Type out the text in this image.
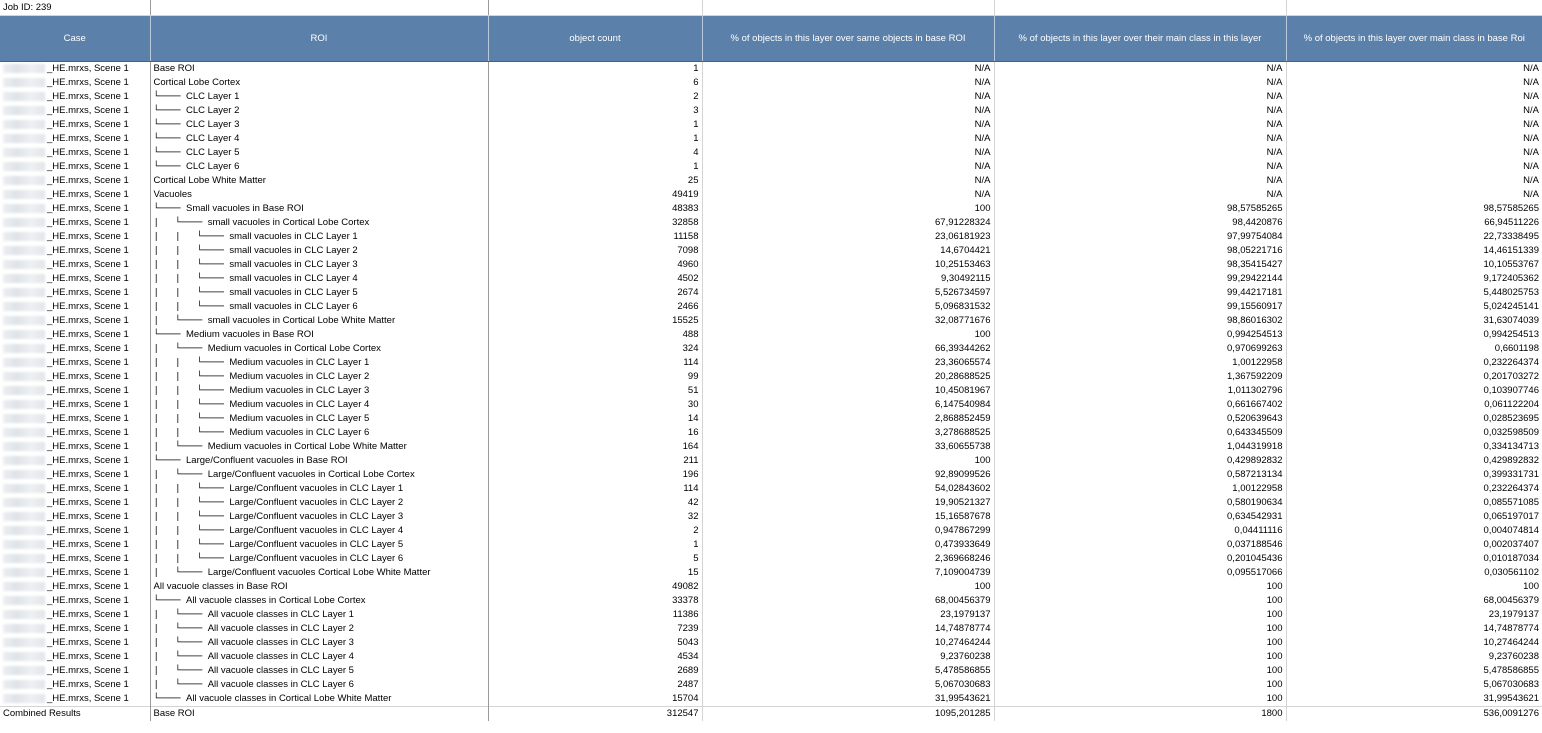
Job ID: 239					
Case	ROI	object count	% of objects in this layer over same objects in base ROI	% of objects in this layer over their main class in this layer	% of objects in this layer over main class in base Roi
_HE.mrxs, Scene 1	Base ROI	1	N/A	N/A	N/A
_HE.mrxs, Scene 1	Cortical Lobe Cortex	6	N/A	N/A	N/A
_HE.mrxs, Scene 1	└──── CLC Layer 1	2	N/A	N/A	N/A
_HE.mrxs, Scene 1	└──── CLC Layer 2	3	N/A	N/A	N/A
_HE.mrxs, Scene 1	└──── CLC Layer 3	1	N/A	N/A	N/A
_HE.mrxs, Scene 1	└──── CLC Layer 4	1	N/A	N/A	N/A
_HE.mrxs, Scene 1	└──── CLC Layer 5	4	N/A	N/A	N/A
_HE.mrxs, Scene 1	└──── CLC Layer 6	1	N/A	N/A	N/A
_HE.mrxs, Scene 1	Cortical Lobe White Matter	25	N/A	N/A	N/A
_HE.mrxs, Scene 1	Vacuoles	49419	N/A	N/A	N/A
_HE.mrxs, Scene 1	└──── Small vacuoles in Base ROI	48383	100	98,57585265	98,57585265
_HE.mrxs, Scene 1	|   └──── small vacuoles in Cortical Lobe Cortex	32858	67,91228324	98,4420876	66,94511226
_HE.mrxs, Scene 1	|   |   └──── small vacuoles in CLC Layer 1	11158	23,06181923	97,99754084	22,73338495
_HE.mrxs, Scene 1	|   |   └──── small vacuoles in CLC Layer 2	7098	14,6704421	98,05221716	14,46151339
_HE.mrxs, Scene 1	|   |   └──── small vacuoles in CLC Layer 3	4960	10,25153463	98,35415427	10,10553767
_HE.mrxs, Scene 1	|   |   └──── small vacuoles in CLC Layer 4	4502	9,30492115	99,29422144	9,172405362
_HE.mrxs, Scene 1	|   |   └──── small vacuoles in CLC Layer 5	2674	5,526734597	99,44217181	5,448025753
_HE.mrxs, Scene 1	|   |   └──── small vacuoles in CLC Layer 6	2466	5,096831532	99,15560917	5,024245141
_HE.mrxs, Scene 1	|   └──── small vacuoles in Cortical Lobe White Matter	15525	32,08771676	98,86016302	31,63074039
_HE.mrxs, Scene 1	└──── Medium vacuoles in Base ROI	488	100	0,994254513	0,994254513
_HE.mrxs, Scene 1	|   └──── Medium vacuoles in Cortical Lobe Cortex	324	66,39344262	0,970699263	0,6601198
_HE.mrxs, Scene 1	|   |   └──── Medium vacuoles in CLC Layer 1	114	23,36065574	1,00122958	0,232264374
_HE.mrxs, Scene 1	|   |   └──── Medium vacuoles in CLC Layer 2	99	20,28688525	1,367592209	0,201703272
_HE.mrxs, Scene 1	|   |   └──── Medium vacuoles in CLC Layer 3	51	10,45081967	1,011302796	0,103907746
_HE.mrxs, Scene 1	|   |   └──── Medium vacuoles in CLC Layer 4	30	6,147540984	0,661667402	0,061122204
_HE.mrxs, Scene 1	|   |   └──── Medium vacuoles in CLC Layer 5	14	2,868852459	0,520639643	0,028523695
_HE.mrxs, Scene 1	|   |   └──── Medium vacuoles in CLC Layer 6	16	3,278688525	0,643345509	0,032598509
_HE.mrxs, Scene 1	|   └──── Medium vacuoles in Cortical Lobe White Matter	164	33,60655738	1,044319918	0,334134713
_HE.mrxs, Scene 1	└──── Large/Confluent vacuoles in Base ROI	211	100	0,429892832	0,429892832
_HE.mrxs, Scene 1	|   └──── Large/Confluent vacuoles in Cortical Lobe Cortex	196	92,89099526	0,587213134	0,399331731
_HE.mrxs, Scene 1	|   |   └──── Large/Confluent vacuoles in CLC Layer 1	114	54,02843602	1,00122958	0,232264374
_HE.mrxs, Scene 1	|   |   └──── Large/Confluent vacuoles in CLC Layer 2	42	19,90521327	0,580190634	0,085571085
_HE.mrxs, Scene 1	|   |   └──── Large/Confluent vacuoles in CLC Layer 3	32	15,16587678	0,634542931	0,065197017
_HE.mrxs, Scene 1	|   |   └──── Large/Confluent vacuoles in CLC Layer 4	2	0,947867299	0,04411116	0,004074814
_HE.mrxs, Scene 1	|   |   └──── Large/Confluent vacuoles in CLC Layer 5	1	0,473933649	0,037188546	0,002037407
_HE.mrxs, Scene 1	|   |   └──── Large/Confluent vacuoles in CLC Layer 6	5	2,369668246	0,201045436	0,010187034
_HE.mrxs, Scene 1	|   └──── Large/Confluent vacuoles Cortical Lobe White Matter	15	7,109004739	0,095517066	0,030561102
_HE.mrxs, Scene 1	All vacuole classes in Base ROI	49082	100	100	100
_HE.mrxs, Scene 1	└──── All vacuole classes in Cortical Lobe Cortex	33378	68,00456379	100	68,00456379
_HE.mrxs, Scene 1	|   └──── All vacuole classes in CLC Layer 1	11386	23,1979137	100	23,1979137
_HE.mrxs, Scene 1	|   └──── All vacuole classes in CLC Layer 2	7239	14,74878774	100	14,74878774
_HE.mrxs, Scene 1	|   └──── All vacuole classes in CLC Layer 3	5043	10,27464244	100	10,27464244
_HE.mrxs, Scene 1	|   └──── All vacuole classes in CLC Layer 4	4534	9,23760238	100	9,23760238
_HE.mrxs, Scene 1	|   └──── All vacuole classes in CLC Layer 5	2689	5,478586855	100	5,478586855
_HE.mrxs, Scene 1	|   └──── All vacuole classes in CLC Layer 6	2487	5,067030683	100	5,067030683
_HE.mrxs, Scene 1	└──── All vacuole classes in Cortical Lobe White Matter	15704	31,99543621	100	31,99543621
Combined Results	Base ROI	312547	1095,201285	1800	536,0091276
